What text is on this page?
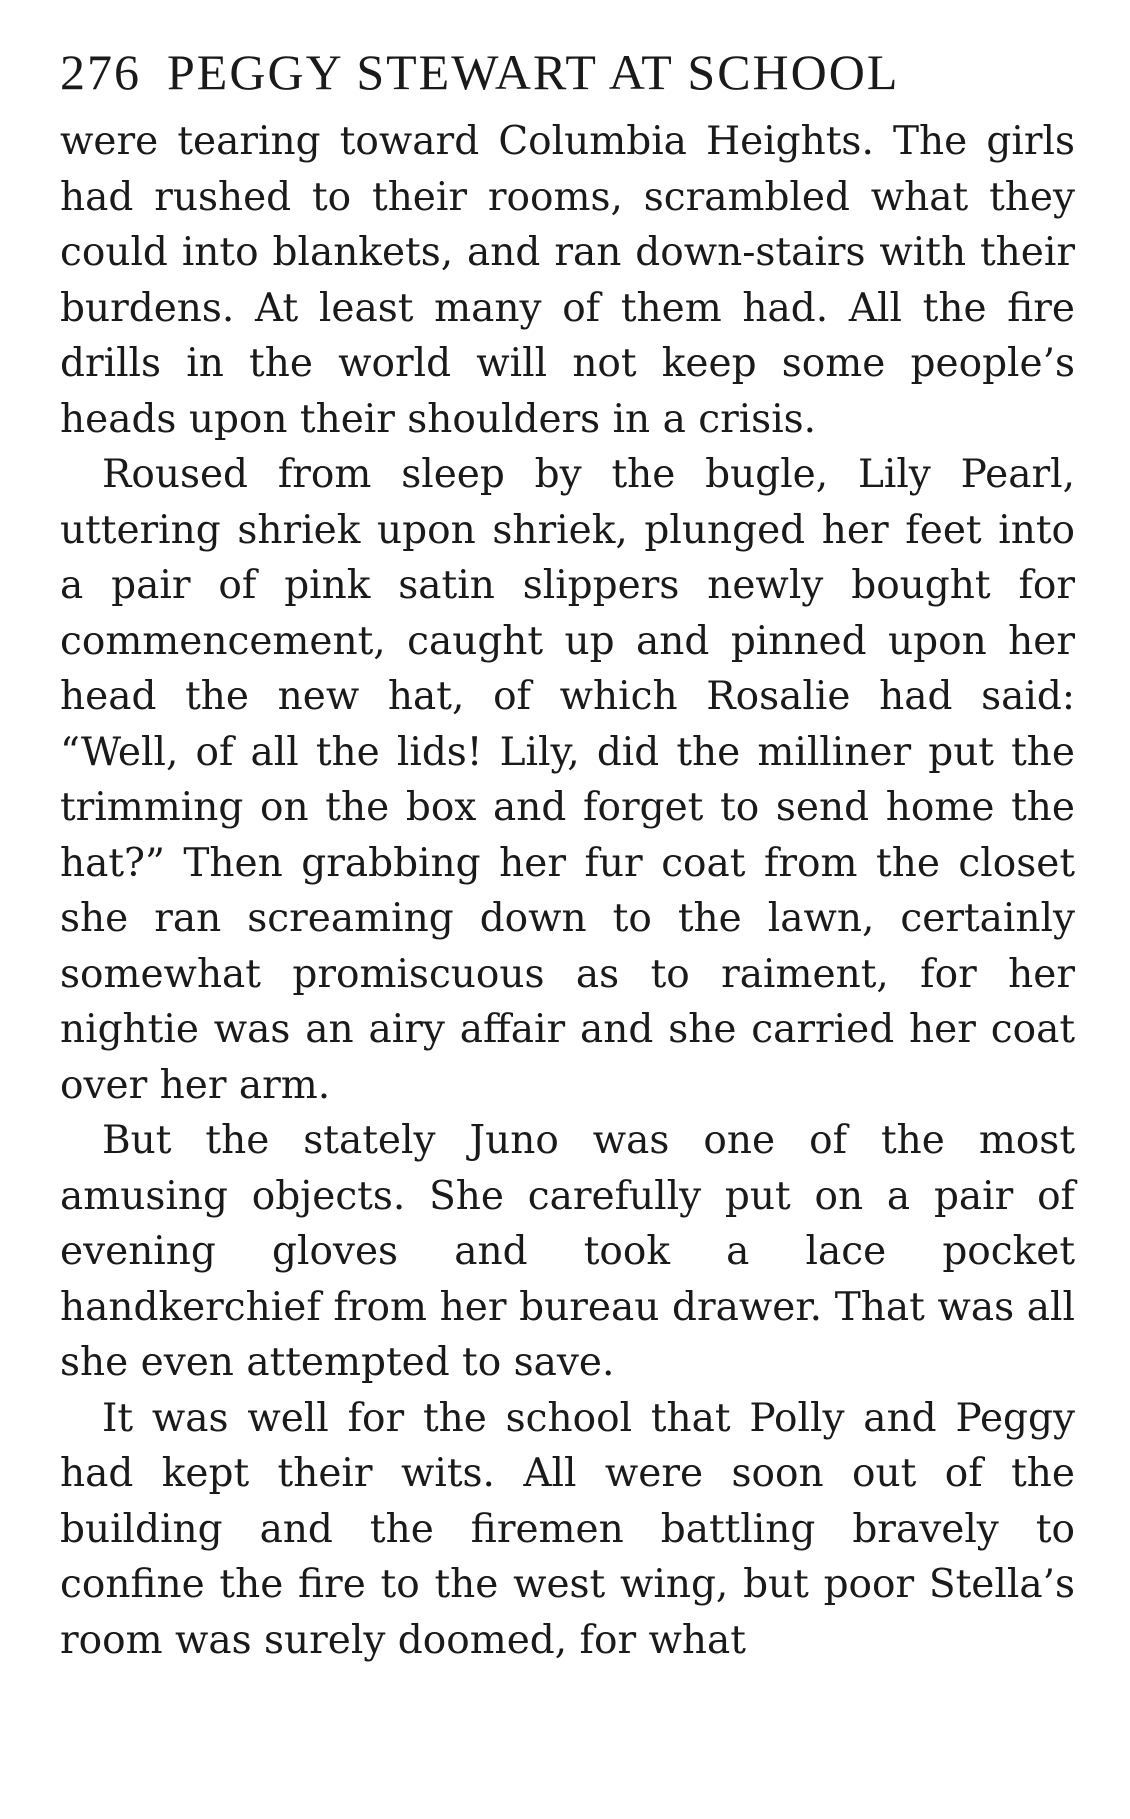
276 PEGGY STEWART AT SCHOOL

were tearing toward Columbia Heights. The girls had rushed to their rooms, scrambled what they could into blankets, and ran down-stairs with their burdens. At least many of them had. All the fire drills in the world will not keep some people’s heads upon their shoulders in a crisis.

Roused from sleep by the bugle, Lily Pearl, uttering shriek upon shriek, plunged her feet into a pair of pink satin slippers newly bought for commencement, caught up and pinned upon her head the new hat, of which Rosalie had said: “Well, of all the lids! Lily, did the milliner put the trimming on the box and forget to send home the hat?” Then grabbing her fur coat from the closet she ran screaming down to the lawn, certainly somewhat promiscuous as to raiment, for her nightie was an airy affair and she carried her coat over her arm.

But the stately Juno was one of the most amusing objects. She carefully put on a pair of evening gloves and took a lace pocket handkerchief from her bureau drawer. That was all she even attempted to save.

It was well for the school that Polly and Peggy had kept their wits. All were soon out of the building and the firemen battling bravely to confine the fire to the west wing, but poor Stella’s room was surely doomed, for what
